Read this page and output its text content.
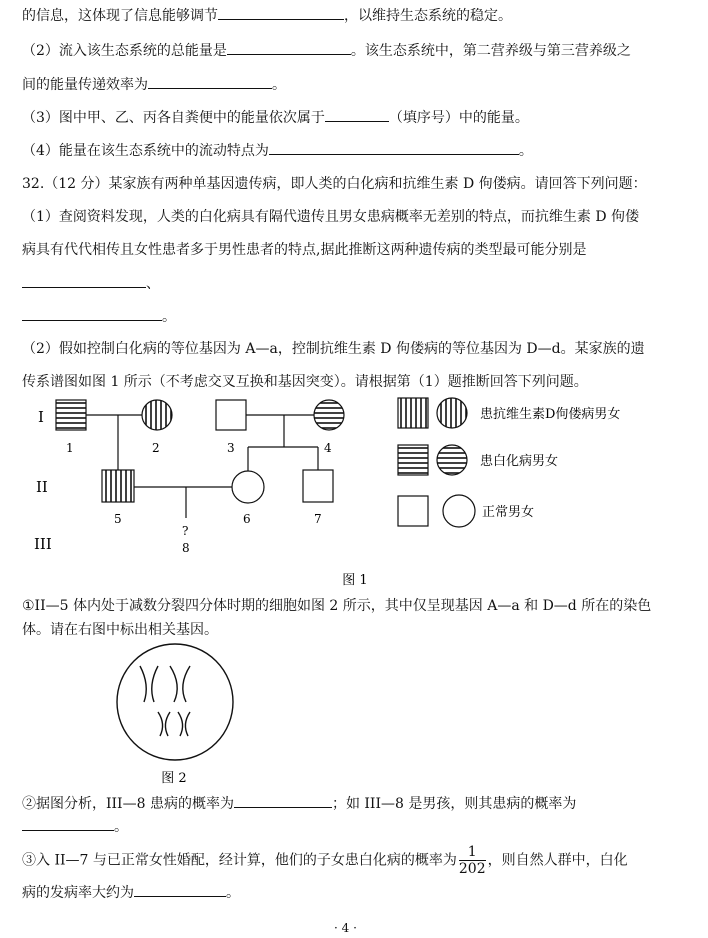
的信息，这体现了信息能够调节	，以维持生态系统的稳定。
（2）流入该生态系统的总能量是	。该生态系统中，第二营养级与第三营养级之
间的能量传递效率为	。
（3）图中甲、乙、丙各自粪便中的能量依次属于	（填序号）中的能量。
（4）能量在该生态系统中的流动特点为	。
32.（12 分）某家族有两种单基因遗传病，即人类的白化病和抗维生素 D 佝偻病。请回答下列问题：
（1）查阅资料发现，人类的白化病具有隔代遗传且男女患病概率无差别的特点，而抗维生素 D 佝偻
病具有代代相传且女性患者多于男性患者的特点,据此推断这两种遗传病的类型最可能分别是
、
。
（2）假如控制白化病的等位基因为 A—a，控制抗维生素 D 佝偻病的等位基因为 D—d。某家族的遗
传系谱图如图 1 所示（不考虑交叉互换和基因突变）。请根据第（1）题推断回答下列问题。
I
II
III
1	2	3	4
5	6	7
?
8
患抗维生素D佝偻病男女
患白化病男女
正常男女
图 1
①II—5 体内处于减数分裂四分体时期的细胞如图 2 所示，其中仅呈现基因 A—a 和 D—d 所在的染色
体。请在右图中标出相关基因。
图 2
②据图分析，III—8 患病的概率为	；如 III—8 是男孩，则其患病的概率为
。
③入 II—7 与已正常女性婚配，经计算，他们的子女患白化病的概率为 $\frac{1}{202}$ ，则自然人群中，白化
病的发病率大约为	。
· 4 ·
